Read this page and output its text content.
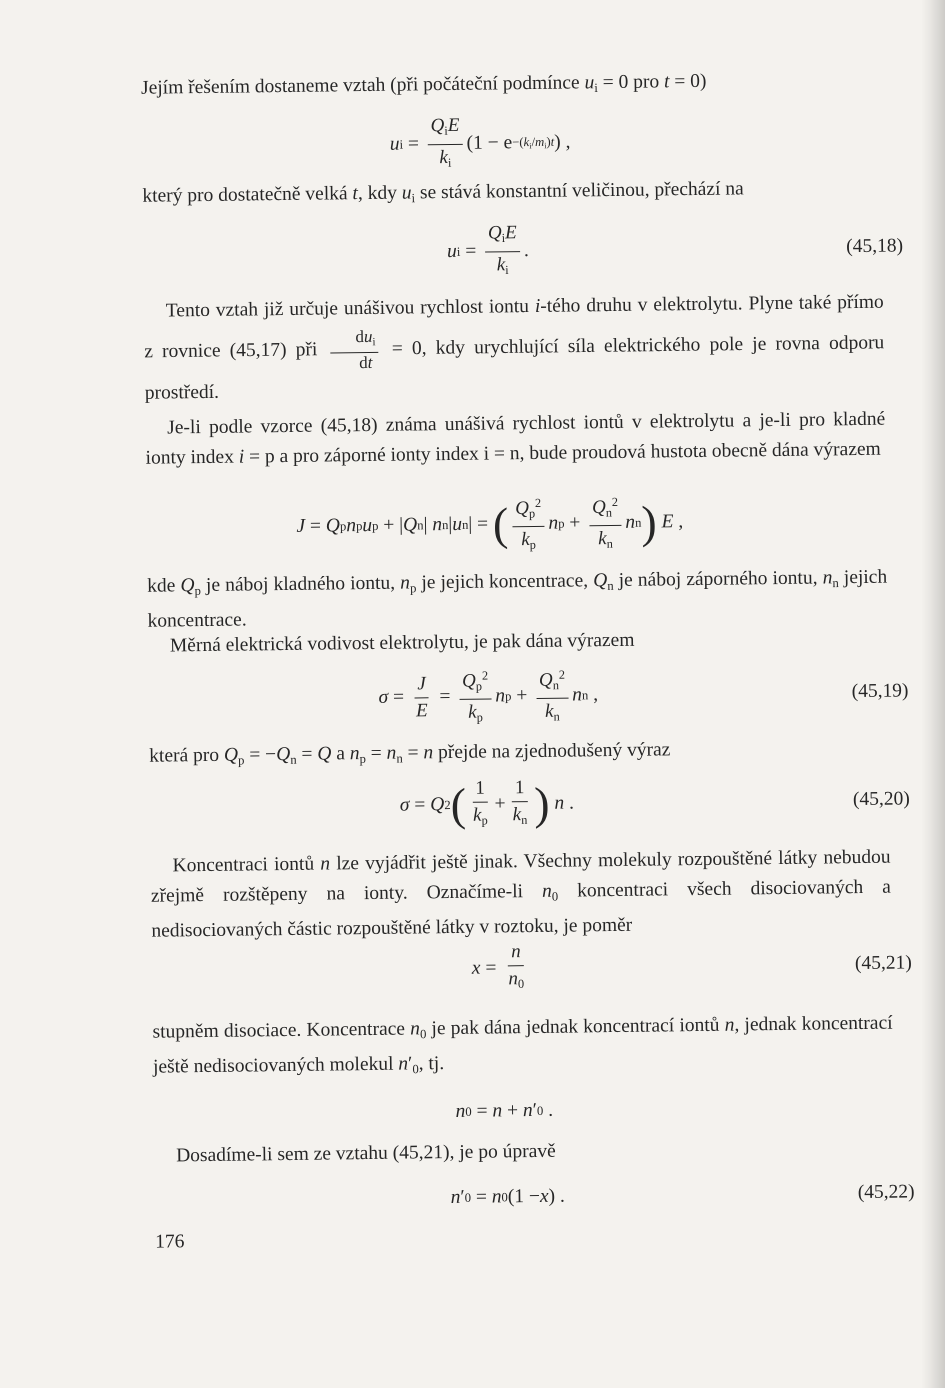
Jejím řešením dostaneme vztah (při počáteční podmínce $u_i = 0$ pro t = 0)

u $i = \frac{Q_iE}{k_i} (1 - e -(k_i/m_i)t$ ) ,

který pro dostatečně velká t, kdy $u_i$ se stává konstantní veličinou, přechází na

u $i = \frac{Q_iE}{k_i}$ .	(45,18)

Tento vztah již určuje unášivou rychlost iontu i-tého druhu v elektrolytu. Plyne také přímo z rovnice (45,17) při $\frac{du_i}{dt} = 0$, kdy urychlující síla elektrického pole je rovna odporu prostředí.

Je-li podle vzorce (45,18) známa unášivá rychlost iontů v elektrolytu a je-li pro kladné ionty index i = p a pro záporné ionty index i = n, bude proudová hustota obecně dána výrazem

J = Q p n p u p + | Q n | n n | u n | = ( $\frac{Q_p^2}{k_p}$ n $p + \frac{Q_n^2}{k_n}$ n n )
E ,

kde $Q_p$ je náboj kladného iontu, $n_p$ je jejich koncentrace, $Q_n$ je náboj záporného iontu, $n_n$ jejich koncentrace.

Měrná elektrická vodivost elektrolytu, je pak dána výrazem

$\sigma = \frac{J}{E} = \frac{Q_p^2}{k_p}$ n $p + \frac{Q_n^2}{k_n}$ n n ,	(45,19)

která pro $Q_p = -Q_n = Q$ a $n_p = n_n = n$ přejde na zjednodušený výraz

σ = Q 2 ( $\frac{1}{k_p} + \frac{1}{k_n}$ )
n .	(45,20)

Koncentraci iontů n lze vyjádřit ještě jinak. Všechny molekuly rozpouštěné látky nebudou zřejmě rozštěpeny na ionty. Označíme-li $n_0$ koncentraci všech disociovaných a nedisociovaných částic rozpouštěné látky v roztoku, je poměr

$x = \frac{n}{n_0}$	(45,21)

stupněm disociace. Koncentrace $n_0$ je pak dána jednak koncentrací iontů n, jednak koncentrací ještě nedisociovaných molekul $n'_0$, tj.

n 0 = n + n ′ 0 .

Dosadíme-li sem ze vztahu (45,21), je po úpravě

n ′ 0 = n 0 (1 − x ) .	(45,22)
176
